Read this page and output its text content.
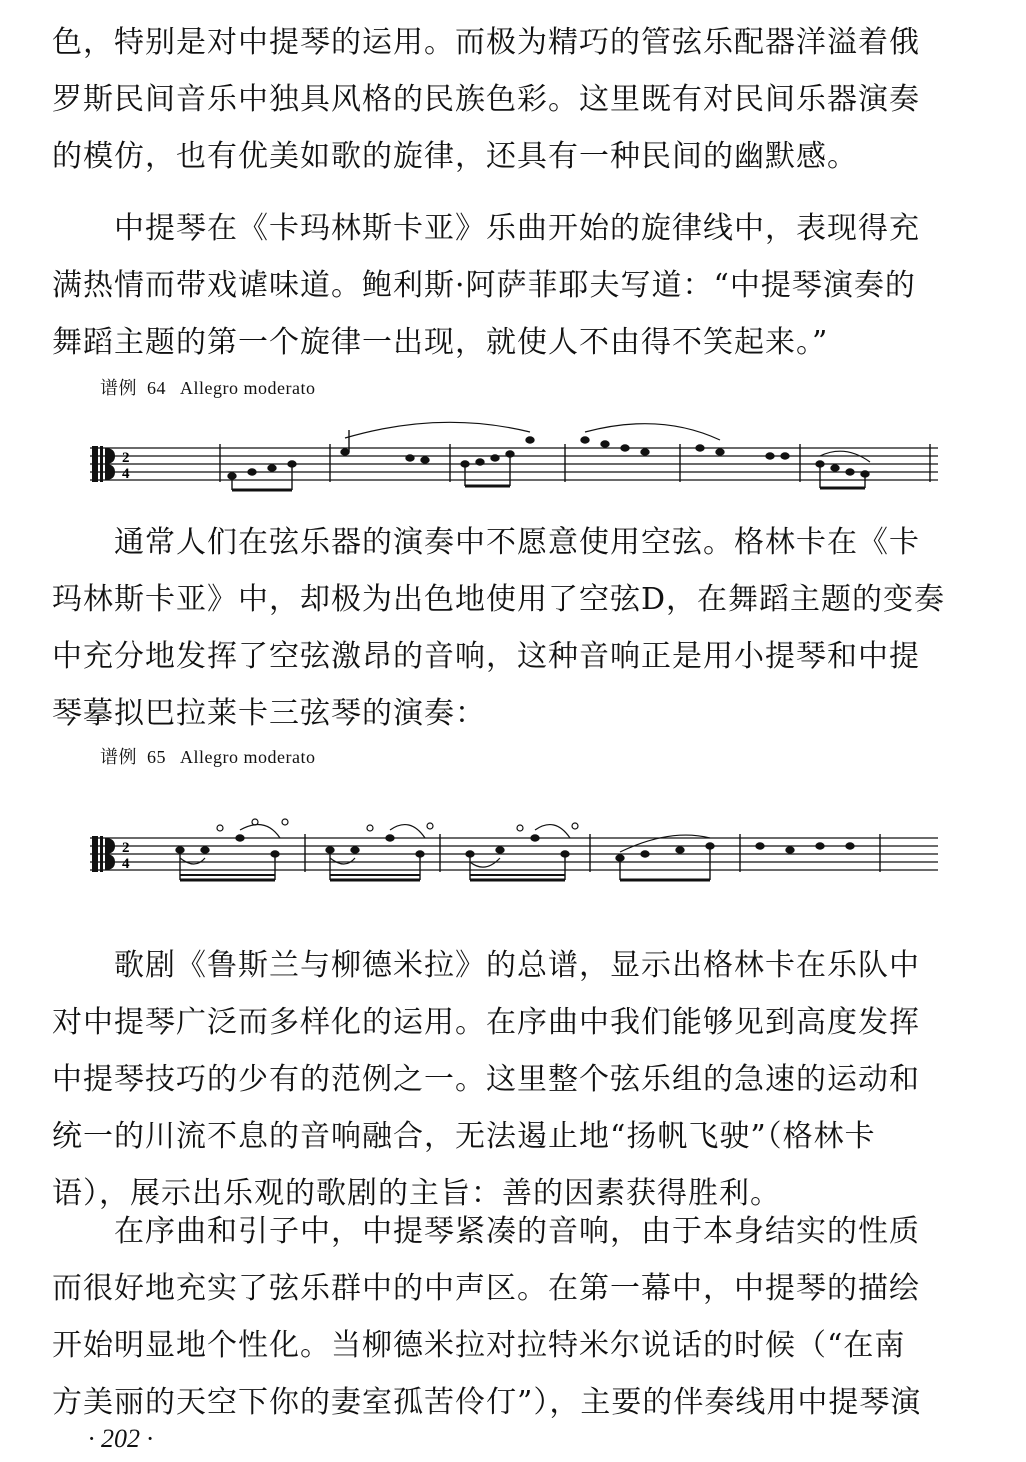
色，特别是对中提琴的运用。而极为精巧的管弦乐配器洋溢着俄
罗斯民间音乐中独具风格的民族色彩。这里既有对民间乐器演奏
的模仿，也有优美如歌的旋律，还具有一种民间的幽默感。

中提琴在《卡玛林斯卡亚》乐曲开始的旋律线中，表现得充
满热情而带戏谑味道。鲍利斯·阿萨菲耶夫写道：“中提琴演奏的
舞蹈主题的第一个旋律一出现，就使人不由得不笑起来。”

谱例 64 Allegro moderato
2
4

通常人们在弦乐器的演奏中不愿意使用空弦。格林卡在《卡
玛林斯卡亚》中，却极为出色地使用了空弦D，在舞蹈主题的变奏
中充分地发挥了空弦激昂的音响，这种音响正是用小提琴和中提
琴摹拟巴拉莱卡三弦琴的演奏：

谱例 65 Allegro moderato
2
4

歌剧《鲁斯兰与柳德米拉》的总谱，显示出格林卡在乐队中
对中提琴广泛而多样化的运用。在序曲中我们能够见到高度发挥
中提琴技巧的少有的范例之一。这里整个弦乐组的急速的运动和
统一的川流不息的音响融合，无法遏止地“扬帆飞驶”（格林卡
语），展示出乐观的歌剧的主旨：善的因素获得胜利。

在序曲和引子中，中提琴紧凑的音响，由于本身结实的性质
而很好地充实了弦乐群中的中声区。在第一幕中，中提琴的描绘
开始明显地个性化。当柳德米拉对拉特米尔说话的时候（“在南
方美丽的天空下你的妻室孤苦伶仃”），主要的伴奏线用中提琴演

· 202 ·
